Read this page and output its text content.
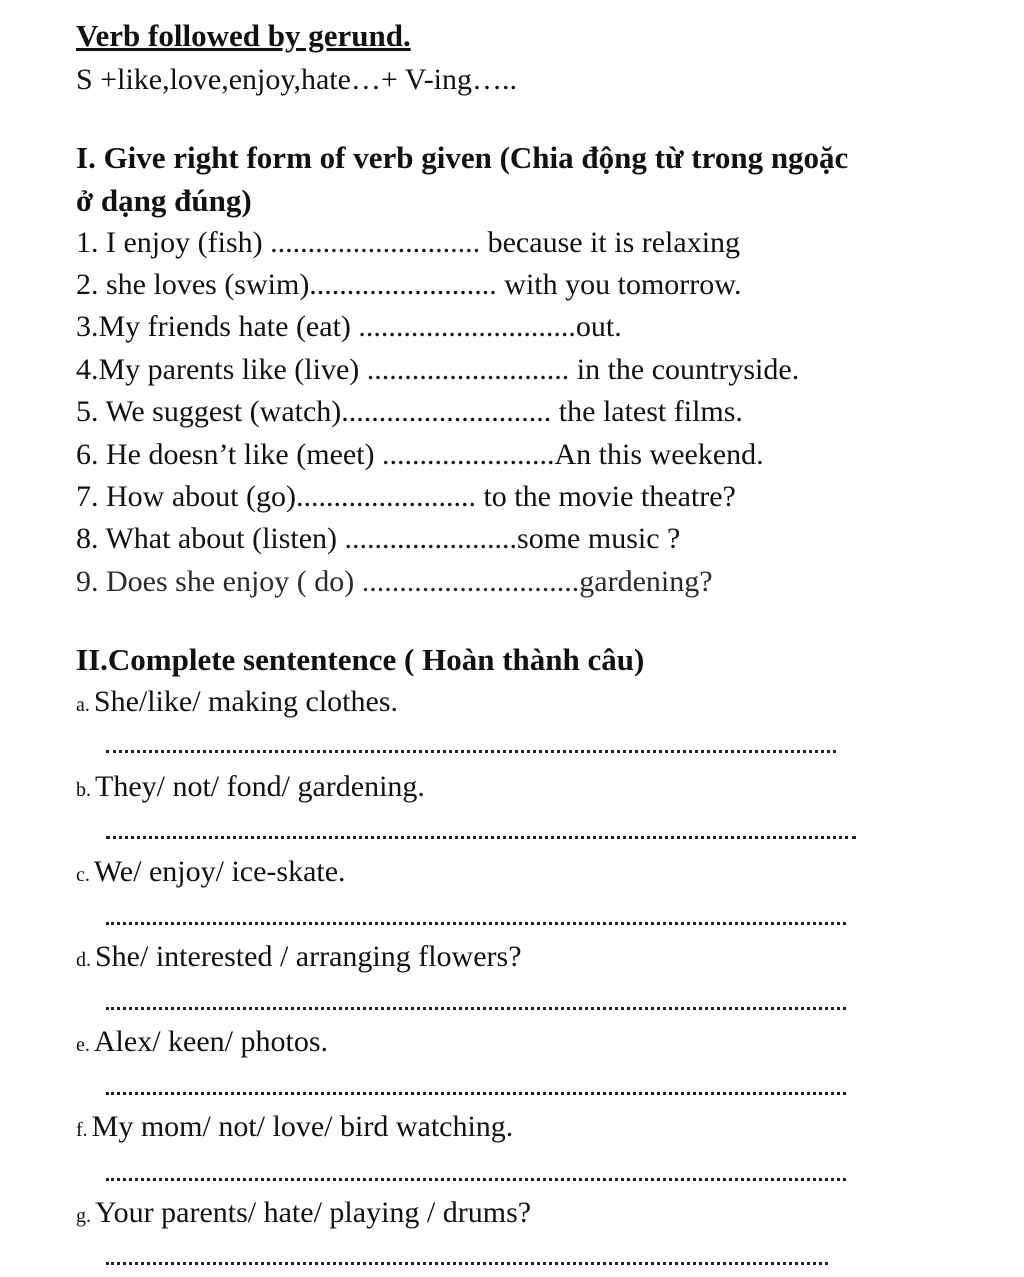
Verb followed by gerund.
S +like,love,enjoy,hate…+ V-ing…..
I. Give right form of verb given (Chia động từ trong ngoặc
ở dạng đúng)
1. I enjoy (fish) ............................ because it is relaxing
2. she loves (swim)......................... with you tomorrow.
3.My friends hate (eat) .............................out.
4.My parents like (live) ........................... in the countryside.
5. We suggest (watch)............................ the latest films.
6. He doesn’t like (meet) .......................An this weekend.
7. How about (go)........................ to the movie theatre?
8. What about (listen) .......................some music ?
9. Does she enjoy ( do) .............................gardening?
II.Complete sententence ( Hoàn thành câu)
a. She/like/ making clothes.
b. They/ not/ fond/ gardening.
c. We/ enjoy/ ice-skate.
d. She/ interested / arranging flowers?
e. Alex/ keen/ photos.
f. My mom/ not/ love/ bird watching.
g. Your parents/ hate/ playing / drums?
